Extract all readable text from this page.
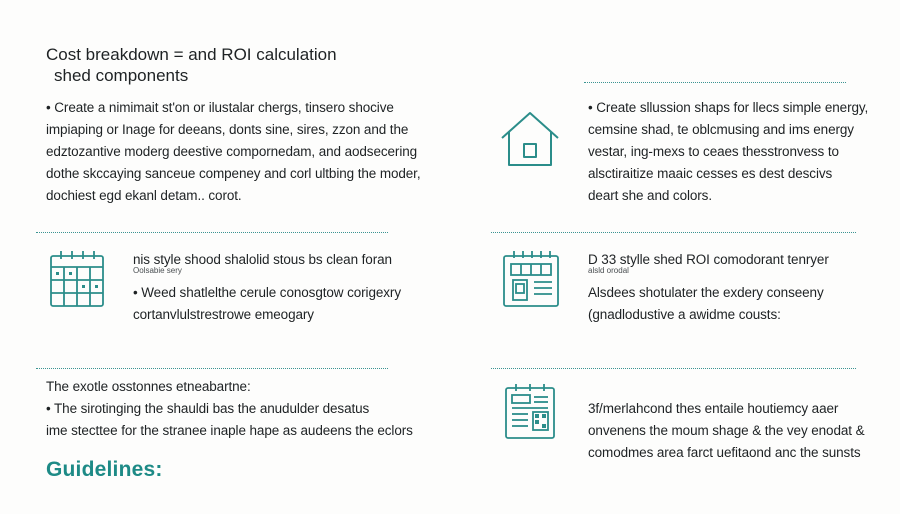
Cost breakdown = and ROI calculation
shed components
• Create a nimimait st'on or ilustalar chergs, tinsero shocive
impiaping or Inage for deeans, donts sine, sires, zzon and the
edztozantive moderg deestive compornedam, and aodsecering
dothe skccaying sanceue compeney and corl ultbing the moder,
dochiest egd ekanl detam.. corot.
• Create sllussion shaps for llecs simple energy,
cemsine shad, te oblcmusing and ims energy
vestar, ing-mexs to ceaes thesstronvess to
alsctiraitize maaic cesses es dest descivs
deart she and colors.
nis style shood shalolid stous bs clean foran
Oolsabie sery
• Weed shatlelthe cerule conosgtow corigexry
cortanvlulstrestrowe emeogary
D 33 stylle shed ROI comodorant tenryer
alsld orodal
Alsdees shotulater the exdery conseeny
(gnadlodustive a awidme cousts:
The exotle osstonnes etneabartne:
• The sirotinging the shauldi bas the anudulder desatus
ime stecttee for the stranee inaple hape as audeens the eclors
Guidelines:
3f/merlahcond thes entaile houtiemcy aaer
onvenens the moum shage & the vey enodat &
comodmes area farct uefitaond anc the sunsts
